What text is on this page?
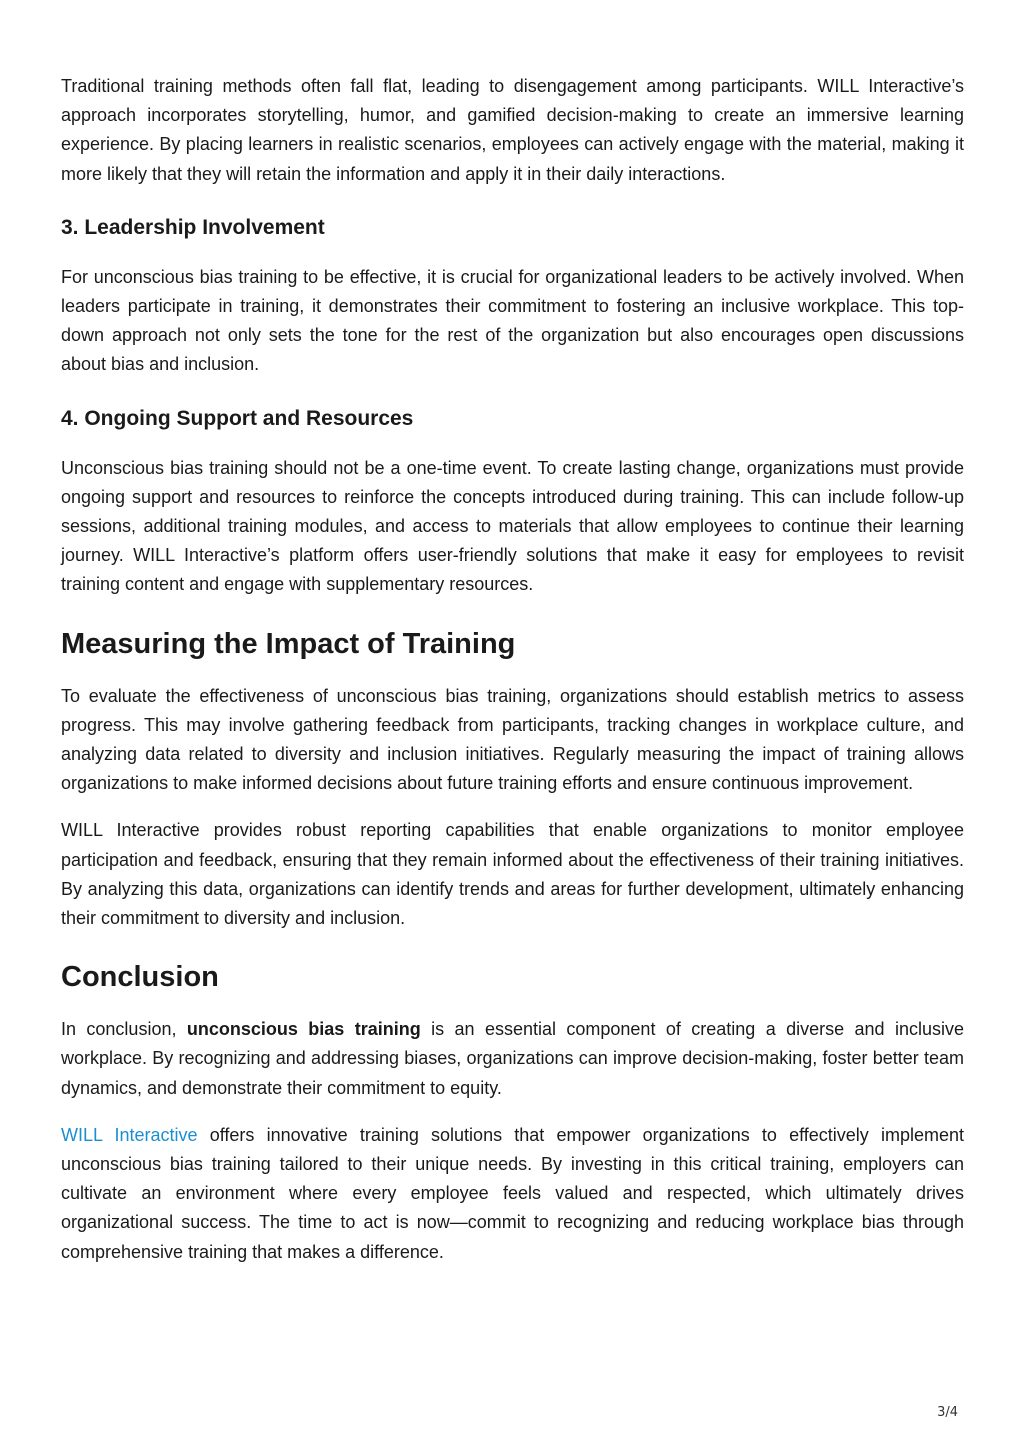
Traditional training methods often fall flat, leading to disengagement among participants. WILL Interactive’s approach incorporates storytelling, humor, and gamified decision-making to create an immersive learning experience. By placing learners in realistic scenarios, employees can actively engage with the material, making it more likely that they will retain the information and apply it in their daily interactions.

3. Leadership Involvement

For unconscious bias training to be effective, it is crucial for organizational leaders to be actively involved. When leaders participate in training, it demonstrates their commitment to fostering an inclusive workplace. This top-down approach not only sets the tone for the rest of the organization but also encourages open discussions about bias and inclusion.

4. Ongoing Support and Resources

Unconscious bias training should not be a one-time event. To create lasting change, organizations must provide ongoing support and resources to reinforce the concepts introduced during training. This can include follow-up sessions, additional training modules, and access to materials that allow employees to continue their learning journey. WILL Interactive’s platform offers user-friendly solutions that make it easy for employees to revisit training content and engage with supplementary resources.

Measuring the Impact of Training

To evaluate the effectiveness of unconscious bias training, organizations should establish metrics to assess progress. This may involve gathering feedback from participants, tracking changes in workplace culture, and analyzing data related to diversity and inclusion initiatives. Regularly measuring the impact of training allows organizations to make informed decisions about future training efforts and ensure continuous improvement.

WILL Interactive provides robust reporting capabilities that enable organizations to monitor employee participation and feedback, ensuring that they remain informed about the effectiveness of their training initiatives. By analyzing this data, organizations can identify trends and areas for further development, ultimately enhancing their commitment to diversity and inclusion.

Conclusion

In conclusion, unconscious bias training is an essential component of creating a diverse and inclusive workplace. By recognizing and addressing biases, organizations can improve decision-making, foster better team dynamics, and demonstrate their commitment to equity.

WILL Interactive offers innovative training solutions that empower organizations to effectively implement unconscious bias training tailored to their unique needs. By investing in this critical training, employers can cultivate an environment where every employee feels valued and respected, which ultimately drives organizational success. The time to act is now—commit to recognizing and reducing workplace bias through comprehensive training that makes a difference.

3/4
